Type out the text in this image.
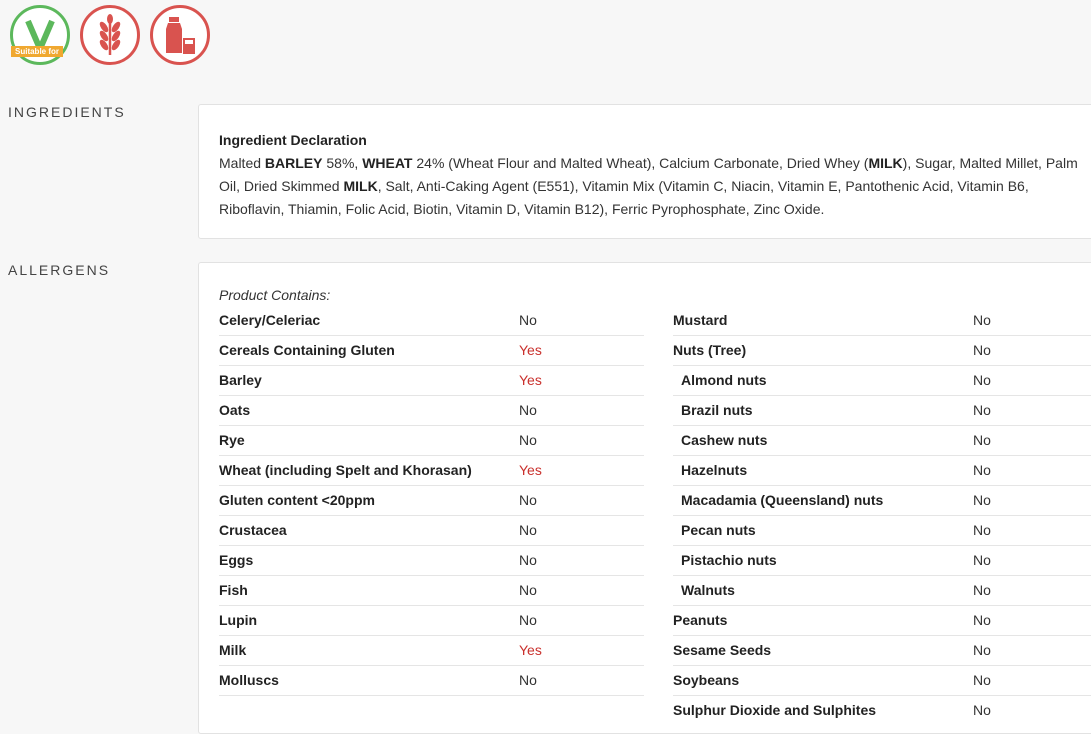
Suitable for
INGREDIENTS
Ingredient Declaration

Malted BARLEY 58%, WHEAT 24% (Wheat Flour and Malted Wheat), Calcium Carbonate, Dried Whey (MILK), Sugar, Malted Millet, Palm Oil, Dried Skimmed MILK, Salt, Anti-Caking Agent (E551), Vitamin Mix (Vitamin C, Niacin, Vitamin E, Pantothenic Acid, Vitamin B6, Riboflavin, Thiamin, Folic Acid, Biotin, Vitamin D, Vitamin B12), Ferric Pyrophosphate, Zinc Oxide.

ALLERGENS
Product Contains:
Celery/Celeriac	No
Cereals Containing Gluten	Yes
Barley	Yes
Oats	No
Rye	No
Wheat (including Spelt and Khorasan)	Yes
Gluten content <20ppm	No
Crustacea	No
Eggs	No
Fish	No
Lupin	No
Milk	Yes
Molluscs	No
Mustard	No
Nuts (Tree)	No
Almond nuts	No
Brazil nuts	No
Cashew nuts	No
Hazelnuts	No
Macadamia (Queensland) nuts	No
Pecan nuts	No
Pistachio nuts	No
Walnuts	No
Peanuts	No
Sesame Seeds	No
Soybeans	No
Sulphur Dioxide and Sulphites	No
